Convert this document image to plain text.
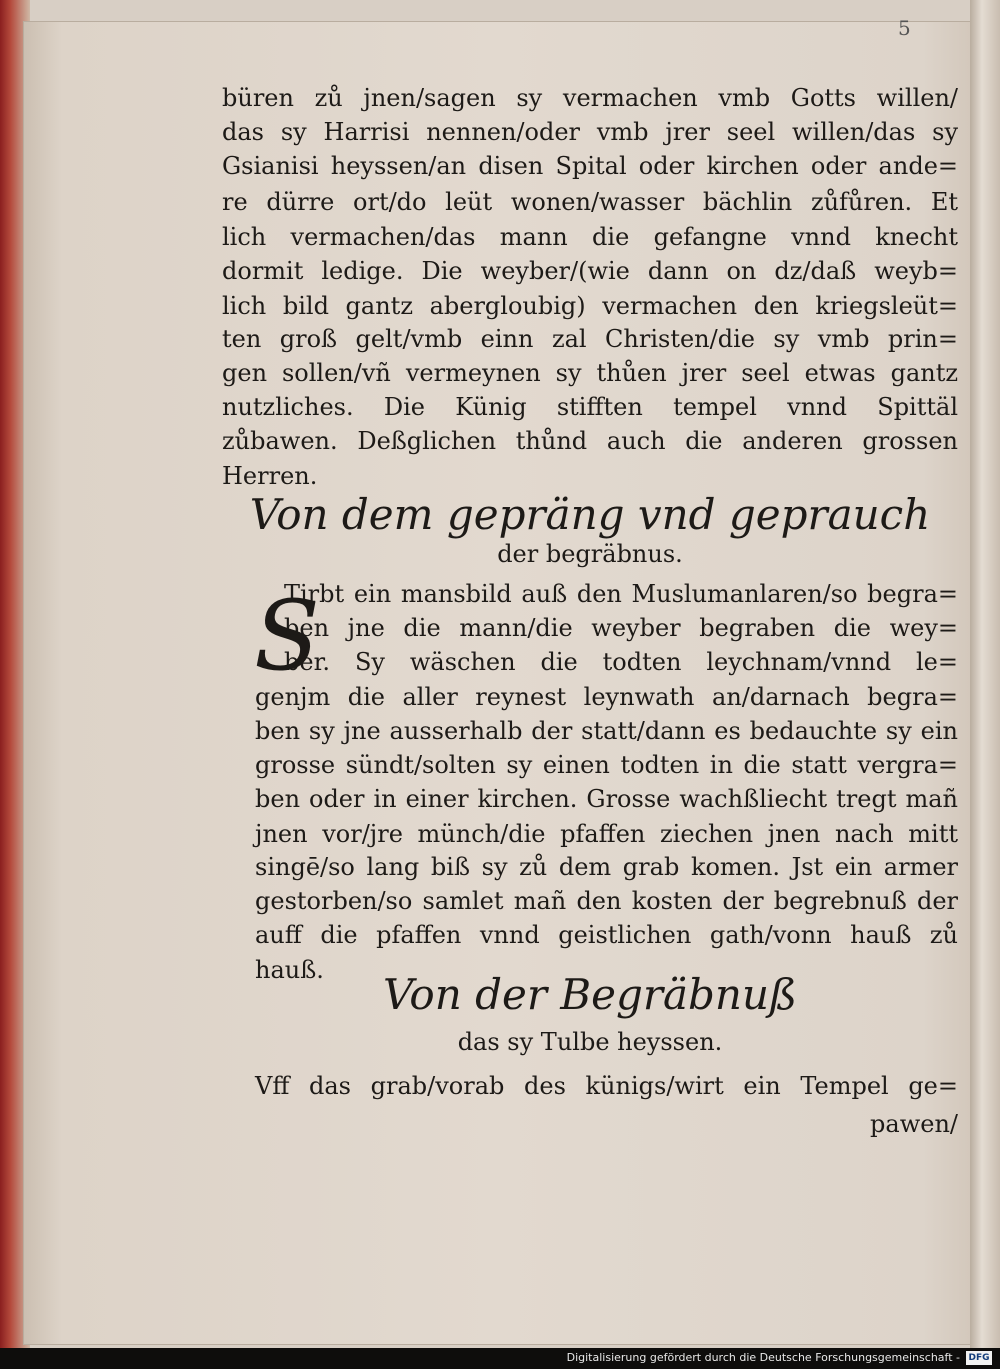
5
büren zů jnen/sagen sy vermachen vmb Gotts willen/
das sy Harrisi nennen/oder vmb jrer seel willen/das sy
Gsianisi heyssen/an disen Spital oder kirchen oder ande=
re dürre ort/do leüt wonen/wasser bächlin zůfůren. Et
lich vermachen/das mann die gefangne vnnd knecht
dormit ledige. Die weyber/(wie dann on dz/daß weyb=
lich bild gantz abergloubig) vermachen den kriegsleüt=
ten groß gelt/vmb einn zal Christen/die sy vmb prin=
gen sollen/vñ vermeynen sy thůen jrer seel etwas gantz
nutzliches. Die Künig stifften tempel vnnd Spittäl
zůbawen. Deßglichen thůnd auch die anderen grossen
Herren.
Von dem gepräng vnd geprauch
der begräbnus.
S
Tirbt ein mansbild auß den Muslumanlaren/so begra=
ben jne die mann/die weyber begraben die wey=
ber. Sy wäschen die todten leychnam/vnnd le=
genjm die aller reynest leynwath an/darnach begra=
ben sy jne ausserhalb der statt/dann es bedauchte sy ein
grosse sündt/solten sy einen todten in die statt vergra=
ben oder in einer kirchen. Grosse wachßliecht tregt mañ
jnen vor/jre münch/die pfaffen ziechen jnen nach mitt
singē/so lang biß sy zů dem grab komen. Jst ein armer
gestorben/so samlet mañ den kosten der begrebnuß der
auff die pfaffen vnnd geistlichen gath/vonn hauß zů
hauß.	Von der Begräbnuß
das sy Tulbe heyssen.
Vff das grab/vorab des künigs/wirt ein Tempel ge=
pawen/
Digitalisierung gefördert durch die Deutsche Forschungsgemeinschaft - DFG
